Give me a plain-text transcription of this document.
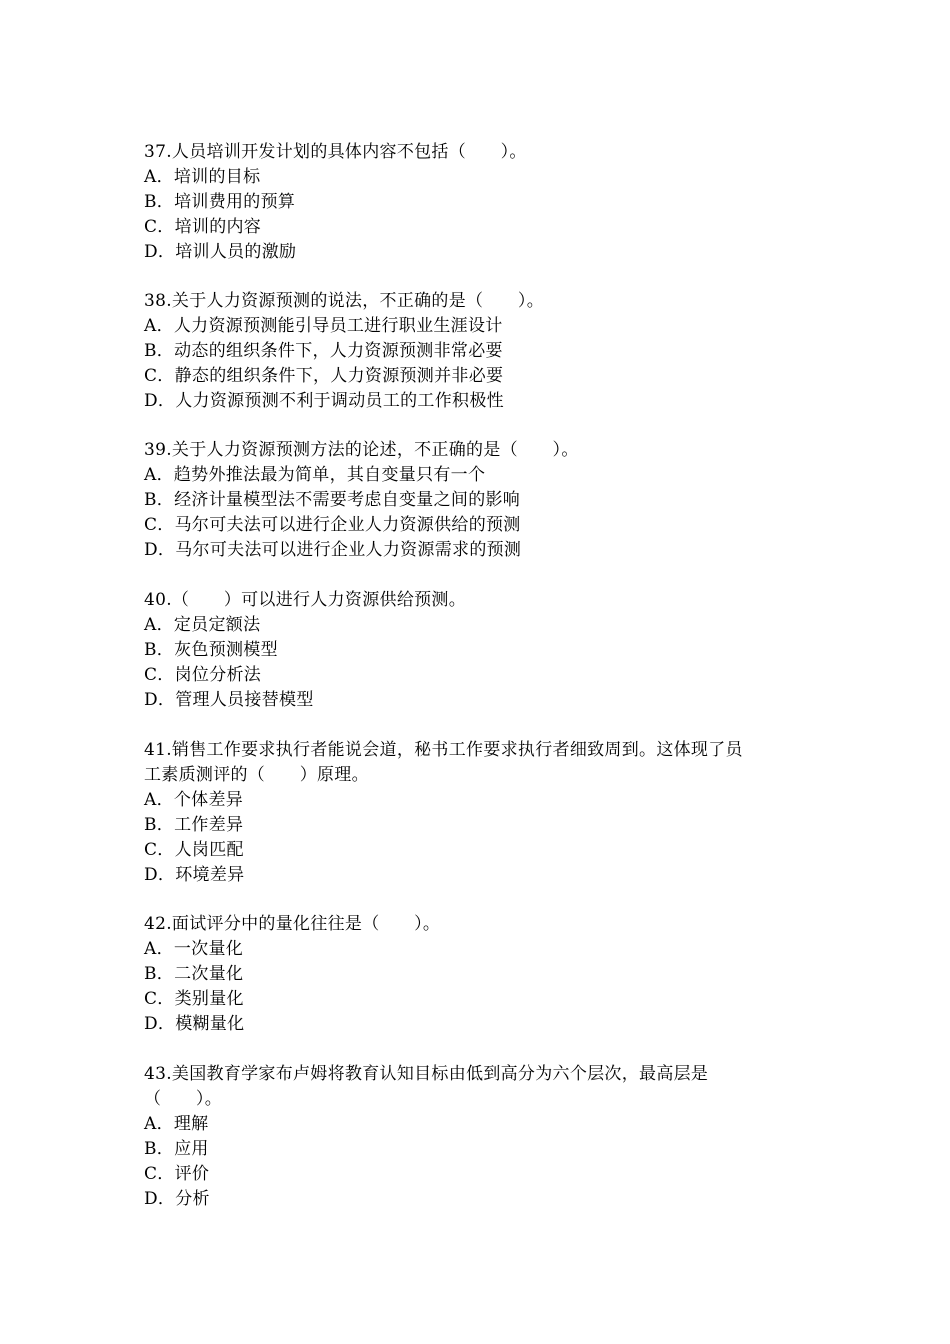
37.人员培训开发计划的具体内容不包括（　　）。
A．培训的目标
B．培训费用的预算
C．培训的内容
D．培训人员的激励
38.关于人力资源预测的说法，不正确的是（　　）。
A．人力资源预测能引导员工进行职业生涯设计
B．动态的组织条件下，人力资源预测非常必要
C．静态的组织条件下，人力资源预测并非必要
D．人力资源预测不利于调动员工的工作积极性
39.关于人力资源预测方法的论述，不正确的是（　　）。
A．趋势外推法最为简单，其自变量只有一个
B．经济计量模型法不需要考虑自变量之间的影响
C．马尔可夫法可以进行企业人力资源供给的预测
D．马尔可夫法可以进行企业人力资源需求的预测
40.（　　）可以进行人力资源供给预测。
A．定员定额法
B．灰色预测模型
C．岗位分析法
D．管理人员接替模型
41.销售工作要求执行者能说会道，秘书工作要求执行者细致周到。这体现了员
工素质测评的（　　）原理。
A．个体差异
B．工作差异
C．人岗匹配
D．环境差异
42.面试评分中的量化往往是（　　）。
A．一次量化
B．二次量化
C．类别量化
D．模糊量化
43.美国教育学家布卢姆将教育认知目标由低到高分为六个层次，最高层是
（　　）。
A．理解
B．应用
C．评价
D．分析
